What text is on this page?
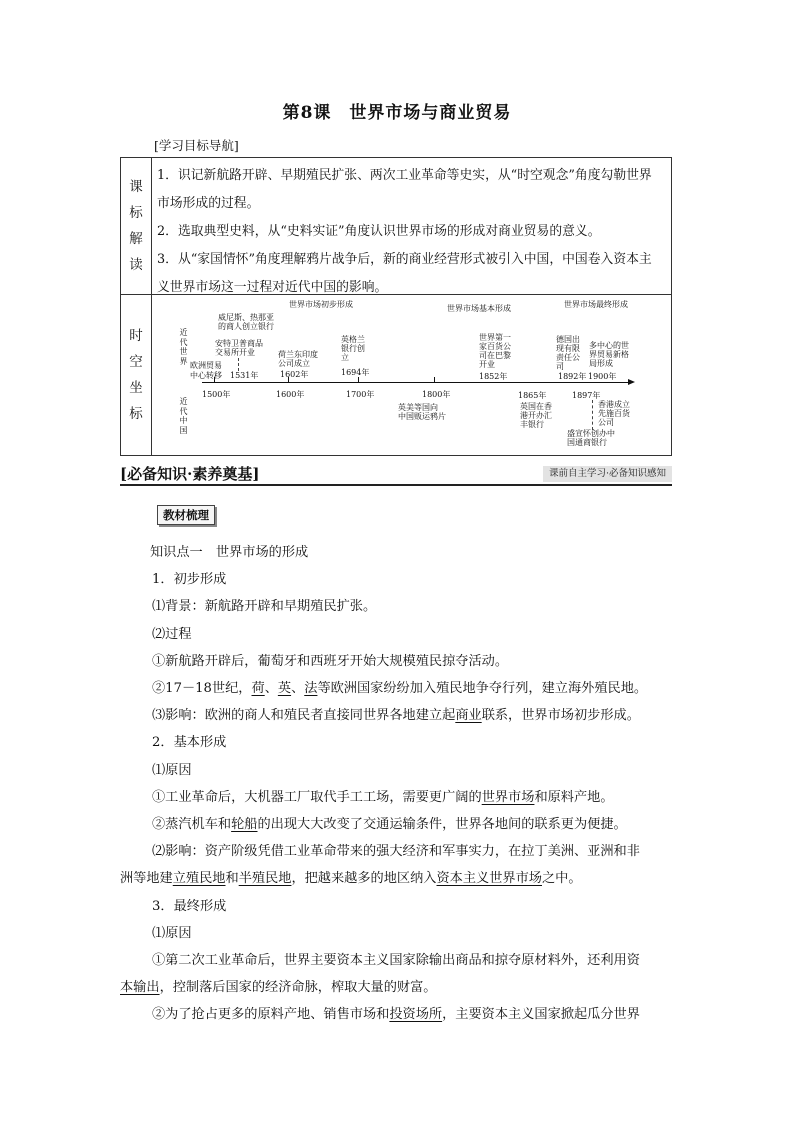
第8课　世界市场与商业贸易
[学习目标导航]
课
标
解
读

1．识记新航路开辟、早期殖民扩张、两次工业革命等史实，从“时空观念”角度勾勒世界市场形成的过程。

2．选取典型史料，从“史料实证”角度认识世界市场的形成对商业贸易的意义。

3．从“家国情怀”角度理解鸦片战争后，新的商业经营形式被引入中国，中国卷入资本主义世界市场这一过程对近代中国的影响。

时
空
坐
标
世界市场初步形成	世界市场基本形成	世界市场最终形成
近代世界
近代中国
1500年	1600年	1700年	1800年
欧洲贸易中心转移
威尼斯、热那亚
的商人创立银行
安特卫普商品
交易所开业
1531年
荷兰东印度
公司成立
1602年
英格兰
银行创
立
1694年
世界第一
家百货公
司在巴黎
开业
1852年
德国出
现有限
责任公
司
1892年
多中心的世
界贸易新格
局形成
1900年
英美等国向
中国贩运鸦片
1865年
英国在香
港开办汇
丰银行
1897年
香港成立
先施百货
公司
盛宣怀创办中
国通商银行
[必备知识·素养奠基]	课前自主学习·必备知识感知
教材梳理

知识点一　世界市场的形成

1．初步形成

⑴背景：新航路开辟和早期殖民扩张。

⑵过程

①新航路开辟后，葡萄牙和西班牙开始大规模殖民掠夺活动。

②17－18世纪，荷、英、法等欧洲国家纷纷加入殖民地争夺行列，建立海外殖民地。

⑶影响：欧洲的商人和殖民者直接同世界各地建立起商业联系，世界市场初步形成。

2．基本形成

⑴原因

①工业革命后，大机器工厂取代手工工场，需要更广阔的世界市场和原料产地。

②蒸汽机车和轮船的出现大大改变了交通运输条件，世界各地间的联系更为便捷。

⑵影响：资产阶级凭借工业革命带来的强大经济和军事实力，在拉丁美洲、亚洲和非

洲等地建立殖民地和半殖民地，把越来越多的地区纳入资本主义世界市场之中。

3．最终形成

⑴原因

①第二次工业革命后，世界主要资本主义国家除输出商品和掠夺原材料外，还利用资

本输出，控制落后国家的经济命脉，榨取大量的财富。

②为了抢占更多的原料产地、销售市场和投资场所，主要资本主义国家掀起瓜分世界
